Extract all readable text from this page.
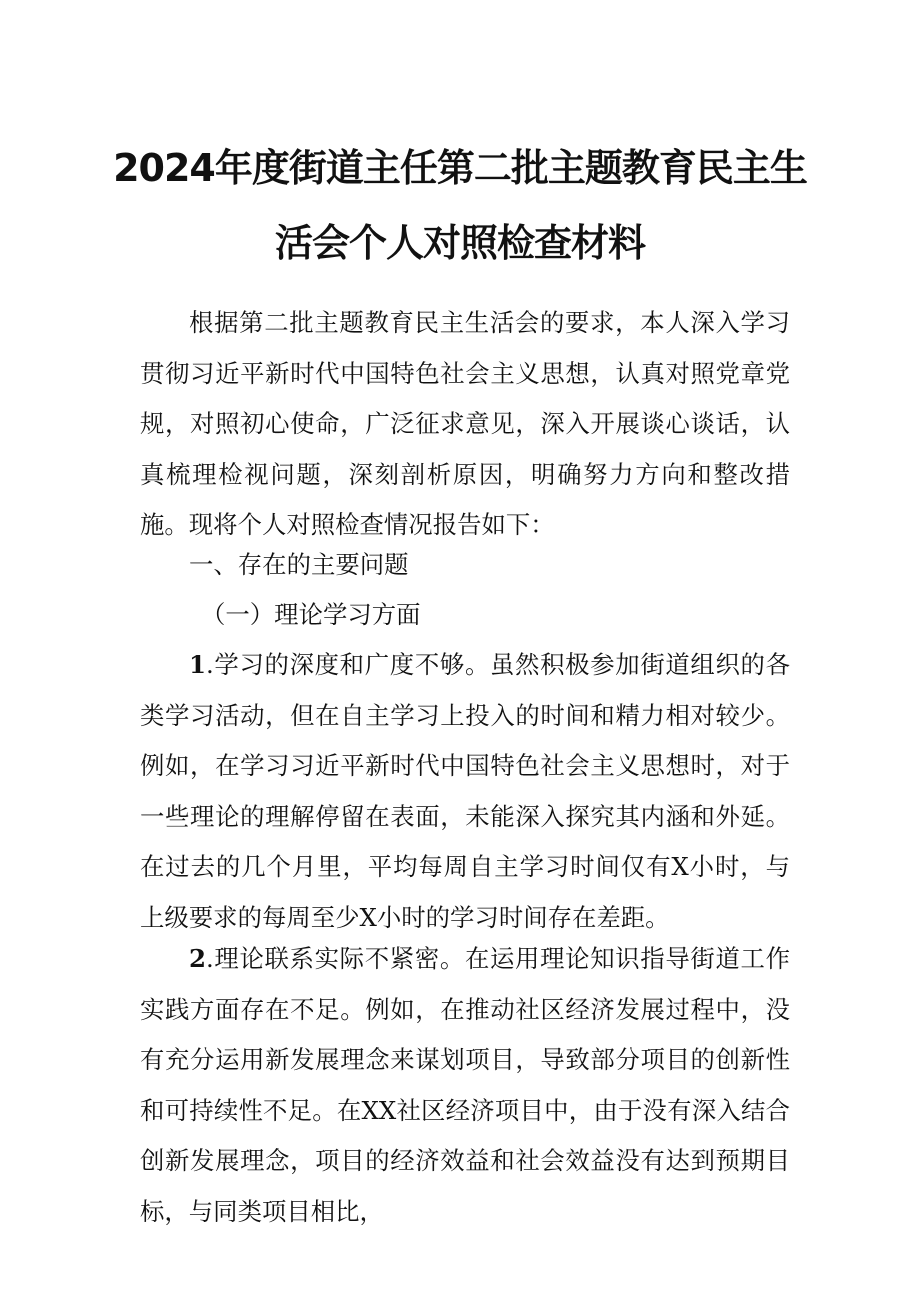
2024年度街道主任第二批主题教育民主生
活会个人对照检查材料

根据第二批主题教育民主生活会的要求，本人深入学习贯彻习近平新时代中国特色社会主义思想，认真对照党章党规，对照初心使命，广泛征求意见，深入开展谈心谈话，认真梳理检视问题，深刻剖析原因，明确努力方向和整改措施。现将个人对照检查情况报告如下：

一、存在的主要问题

（一）理论学习方面

1.学习的深度和广度不够。虽然积极参加街道组织的各类学习活动，但在自主学习上投入的时间和精力相对较少。例如，在学习习近平新时代中国特色社会主义思想时，对于一些理论的理解停留在表面，未能深入探究其内涵和外延。在过去的几个月里，平均每周自主学习时间仅有X小时，与上级要求的每周至少X小时的学习时间存在差距。

2.理论联系实际不紧密。在运用理论知识指导街道工作实践方面存在不足。例如，在推动社区经济发展过程中，没有充分运用新发展理念来谋划项目，导致部分项目的创新性和可持续性不足。在XX社区经济项目中，由于没有深入结合创新发展理念，项目的经济效益和社会效益没有达到预期目标，与同类项目相比，
